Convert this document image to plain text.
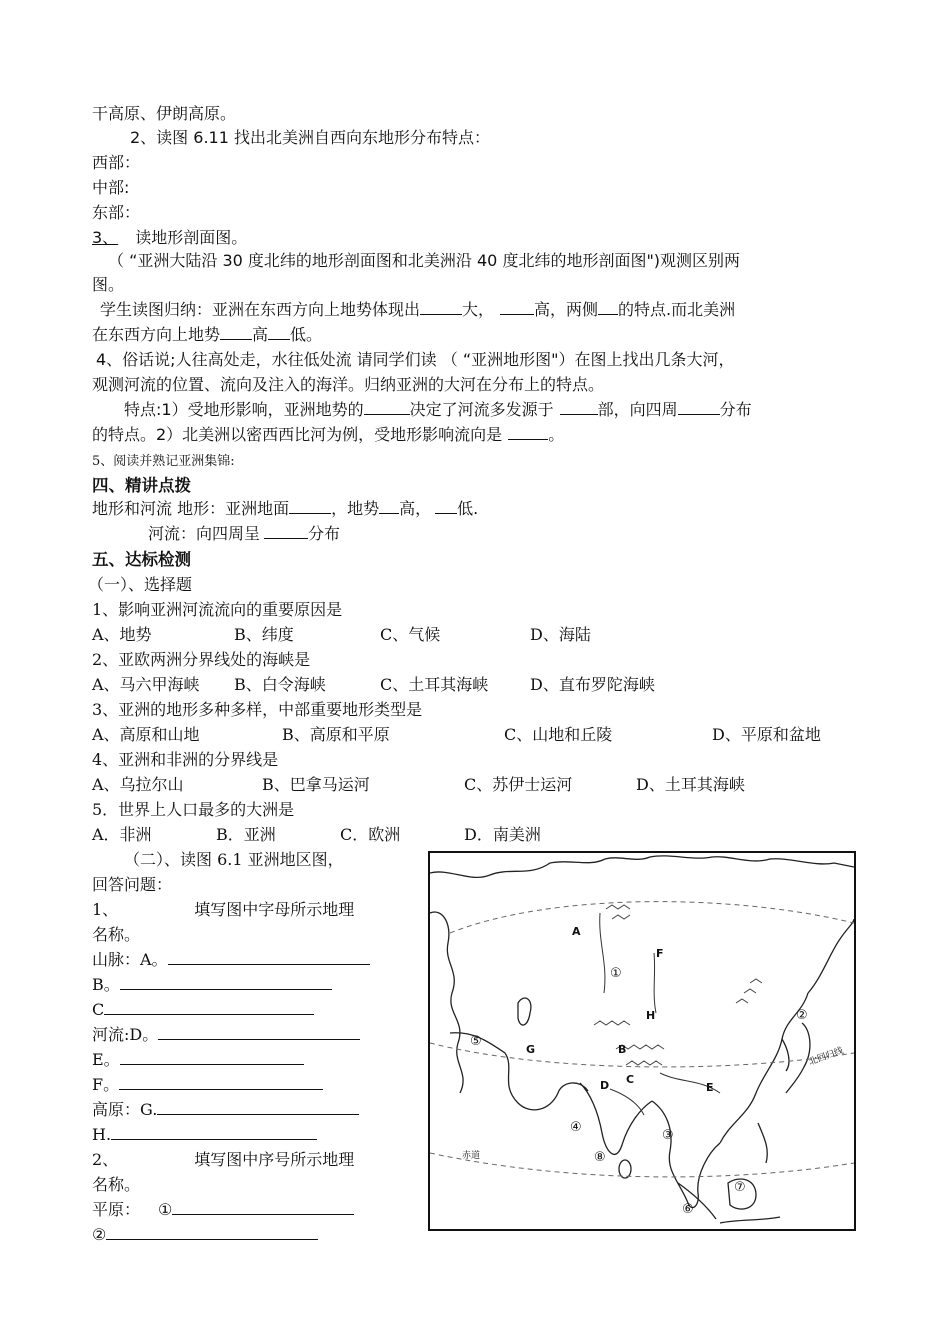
干高原、伊朗高原。
2、读图 6.11 找出北美洲自西向东地形分布特点：
西部：
中部:
东部：
3、 读地形剖面图。
（ “亚洲大陆沿 30 度北纬的地形剖面图和北美洲沿 40 度北纬的地形剖面图")观测区别两
图。
学生读图归纳：亚洲在东西方向上地势体现出	大，	高，两侧 的特点.而北美洲
在东西方向上地势 高 低。
4、俗话说;人往高处走，水往低处流 请同学们读 （ “亚洲地形图"）在图上找出几条大河，
观测河流的位置、流向及注入的海洋。归纳亚洲的大河在分布上的特点。
特点:1）受地形影响，亚洲地势的	决定了河流多发源于	部，向四周	分布
的特点。2）北美洲以密西西比河为例，受地形影响流向是	。
5、阅读并熟记亚洲集锦:
四、精讲点拨
地形和河流 地形：亚洲地面	，地势 高， 低.
河流：向四周呈	分布
五、达标检测
（一）、选择题
1、影响亚洲河流流向的重要原因是
A、地势	B、纬度	C、气候	D、海陆
2、亚欧两洲分界线处的海峡是
A、马六甲海峡 B、白令海峡	C、土耳其海峡	D、直布罗陀海峡
3、亚洲的地形多种多样，中部重要地形类型是
A、高原和山地	B、高原和平原	C、山地和丘陵	D、平原和盆地
4、亚洲和非洲的分界线是
A、乌拉尔山	B、巴拿马运河	C、苏伊士运河	D、土耳其海峡
5．世界上人口最多的大洲是
A．非洲	B．亚洲	C．欧洲	D．南美洲
（二）、读图 6.1 亚洲地区图，
回答问题：
1、	填写图中字母所示地理
名称。
山脉：A。
B。
C
河流:D。
E。
F。
高原：G.
H.
2、	填写图中序号所示地理
名称。
平原： ①
②
A
B
C
D	E
F
G
H
①
②
③
④
⑤
⑥
⑦
⑧
赤道
北回归线
